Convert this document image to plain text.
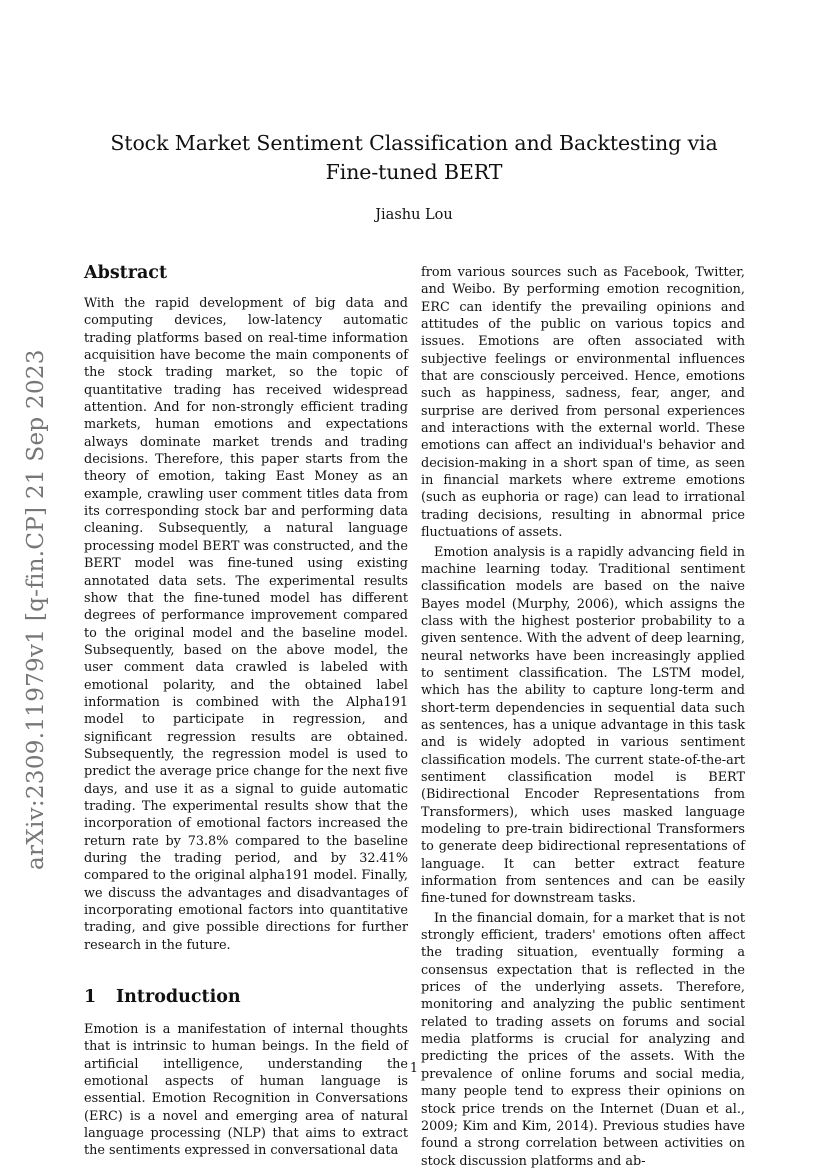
arXiv:2309.11979v1 [q-fin.CP] 21 Sep 2023
Stock Market Sentiment Classification and Backtesting via
Fine-tuned BERT
Jiashu Lou
Abstract

With the rapid development of big data and computing devices, low-latency automatic trading platforms based on real-time information acquisition have become the main components of the stock trading market, so the topic of quantitative trading has received widespread attention. And for non-strongly efficient trading markets, human emotions and expectations always dominate market trends and trading decisions. Therefore, this paper starts from the theory of emotion, taking East Money as an example, crawling user comment titles data from its corresponding stock bar and performing data cleaning. Subsequently, a natural language processing model BERT was constructed, and the BERT model was fine-tuned using existing annotated data sets. The experimental results show that the fine-tuned model has different degrees of performance improvement compared to the original model and the baseline model. Subsequently, based on the above model, the user comment data crawled is labeled with emotional polarity, and the obtained label information is combined with the Alpha191 model to participate in regression, and significant regression results are obtained. Subsequently, the regression model is used to predict the average price change for the next five days, and use it as a signal to guide automatic trading. The experimental results show that the incorporation of emotional factors increased the return rate by 73.8% compared to the baseline during the trading period, and by 32.41% compared to the original alpha191 model. Finally, we discuss the advantages and disadvantages of incorporating emotional factors into quantitative trading, and give possible directions for further research in the future.

1 Introduction

Emotion is a manifestation of internal thoughts that is intrinsic to human beings. In the field of artificial intelligence, understanding the emotional aspects of human language is essential. Emotion Recognition in Conversations (ERC) is a novel and emerging area of natural language processing (NLP) that aims to extract the sentiments expressed in conversational data

from various sources such as Facebook, Twitter, and Weibo. By performing emotion recognition, ERC can identify the prevailing opinions and attitudes of the public on various topics and issues. Emotions are often associated with subjective feelings or environmental influences that are consciously perceived. Hence, emotions such as happiness, sadness, fear, anger, and surprise are derived from personal experiences and interactions with the external world. These emotions can affect an individual's behavior and decision-making in a short span of time, as seen in financial markets where extreme emotions (such as euphoria or rage) can lead to irrational trading decisions, resulting in abnormal price fluctuations of assets.

Emotion analysis is a rapidly advancing field in machine learning today. Traditional sentiment classification models are based on the naive Bayes model (Murphy, 2006), which assigns the class with the highest posterior probability to a given sentence. With the advent of deep learning, neural networks have been increasingly applied to sentiment classification. The LSTM model, which has the ability to capture long-term and short-term dependencies in sequential data such as sentences, has a unique advantage in this task and is widely adopted in various sentiment classification models. The current state-of-the-art sentiment classification model is BERT (Bidirectional Encoder Representations from Transformers), which uses masked language modeling to pre-train bidirectional Transformers to generate deep bidirectional representations of language. It can better extract feature information from sentences and can be easily fine-tuned for downstream tasks.

In the financial domain, for a market that is not strongly efficient, traders' emotions often affect the trading situation, eventually forming a consensus expectation that is reflected in the prices of the underlying assets. Therefore, monitoring and analyzing the public sentiment related to trading assets on forums and social media platforms is crucial for analyzing and predicting the prices of the assets. With the prevalence of online forums and social media, many people tend to express their opinions on stock price trends on the Internet (Duan et al., 2009; Kim and Kim, 2014). Previous studies have found a strong correlation between activities on stock discussion platforms and ab-

1
